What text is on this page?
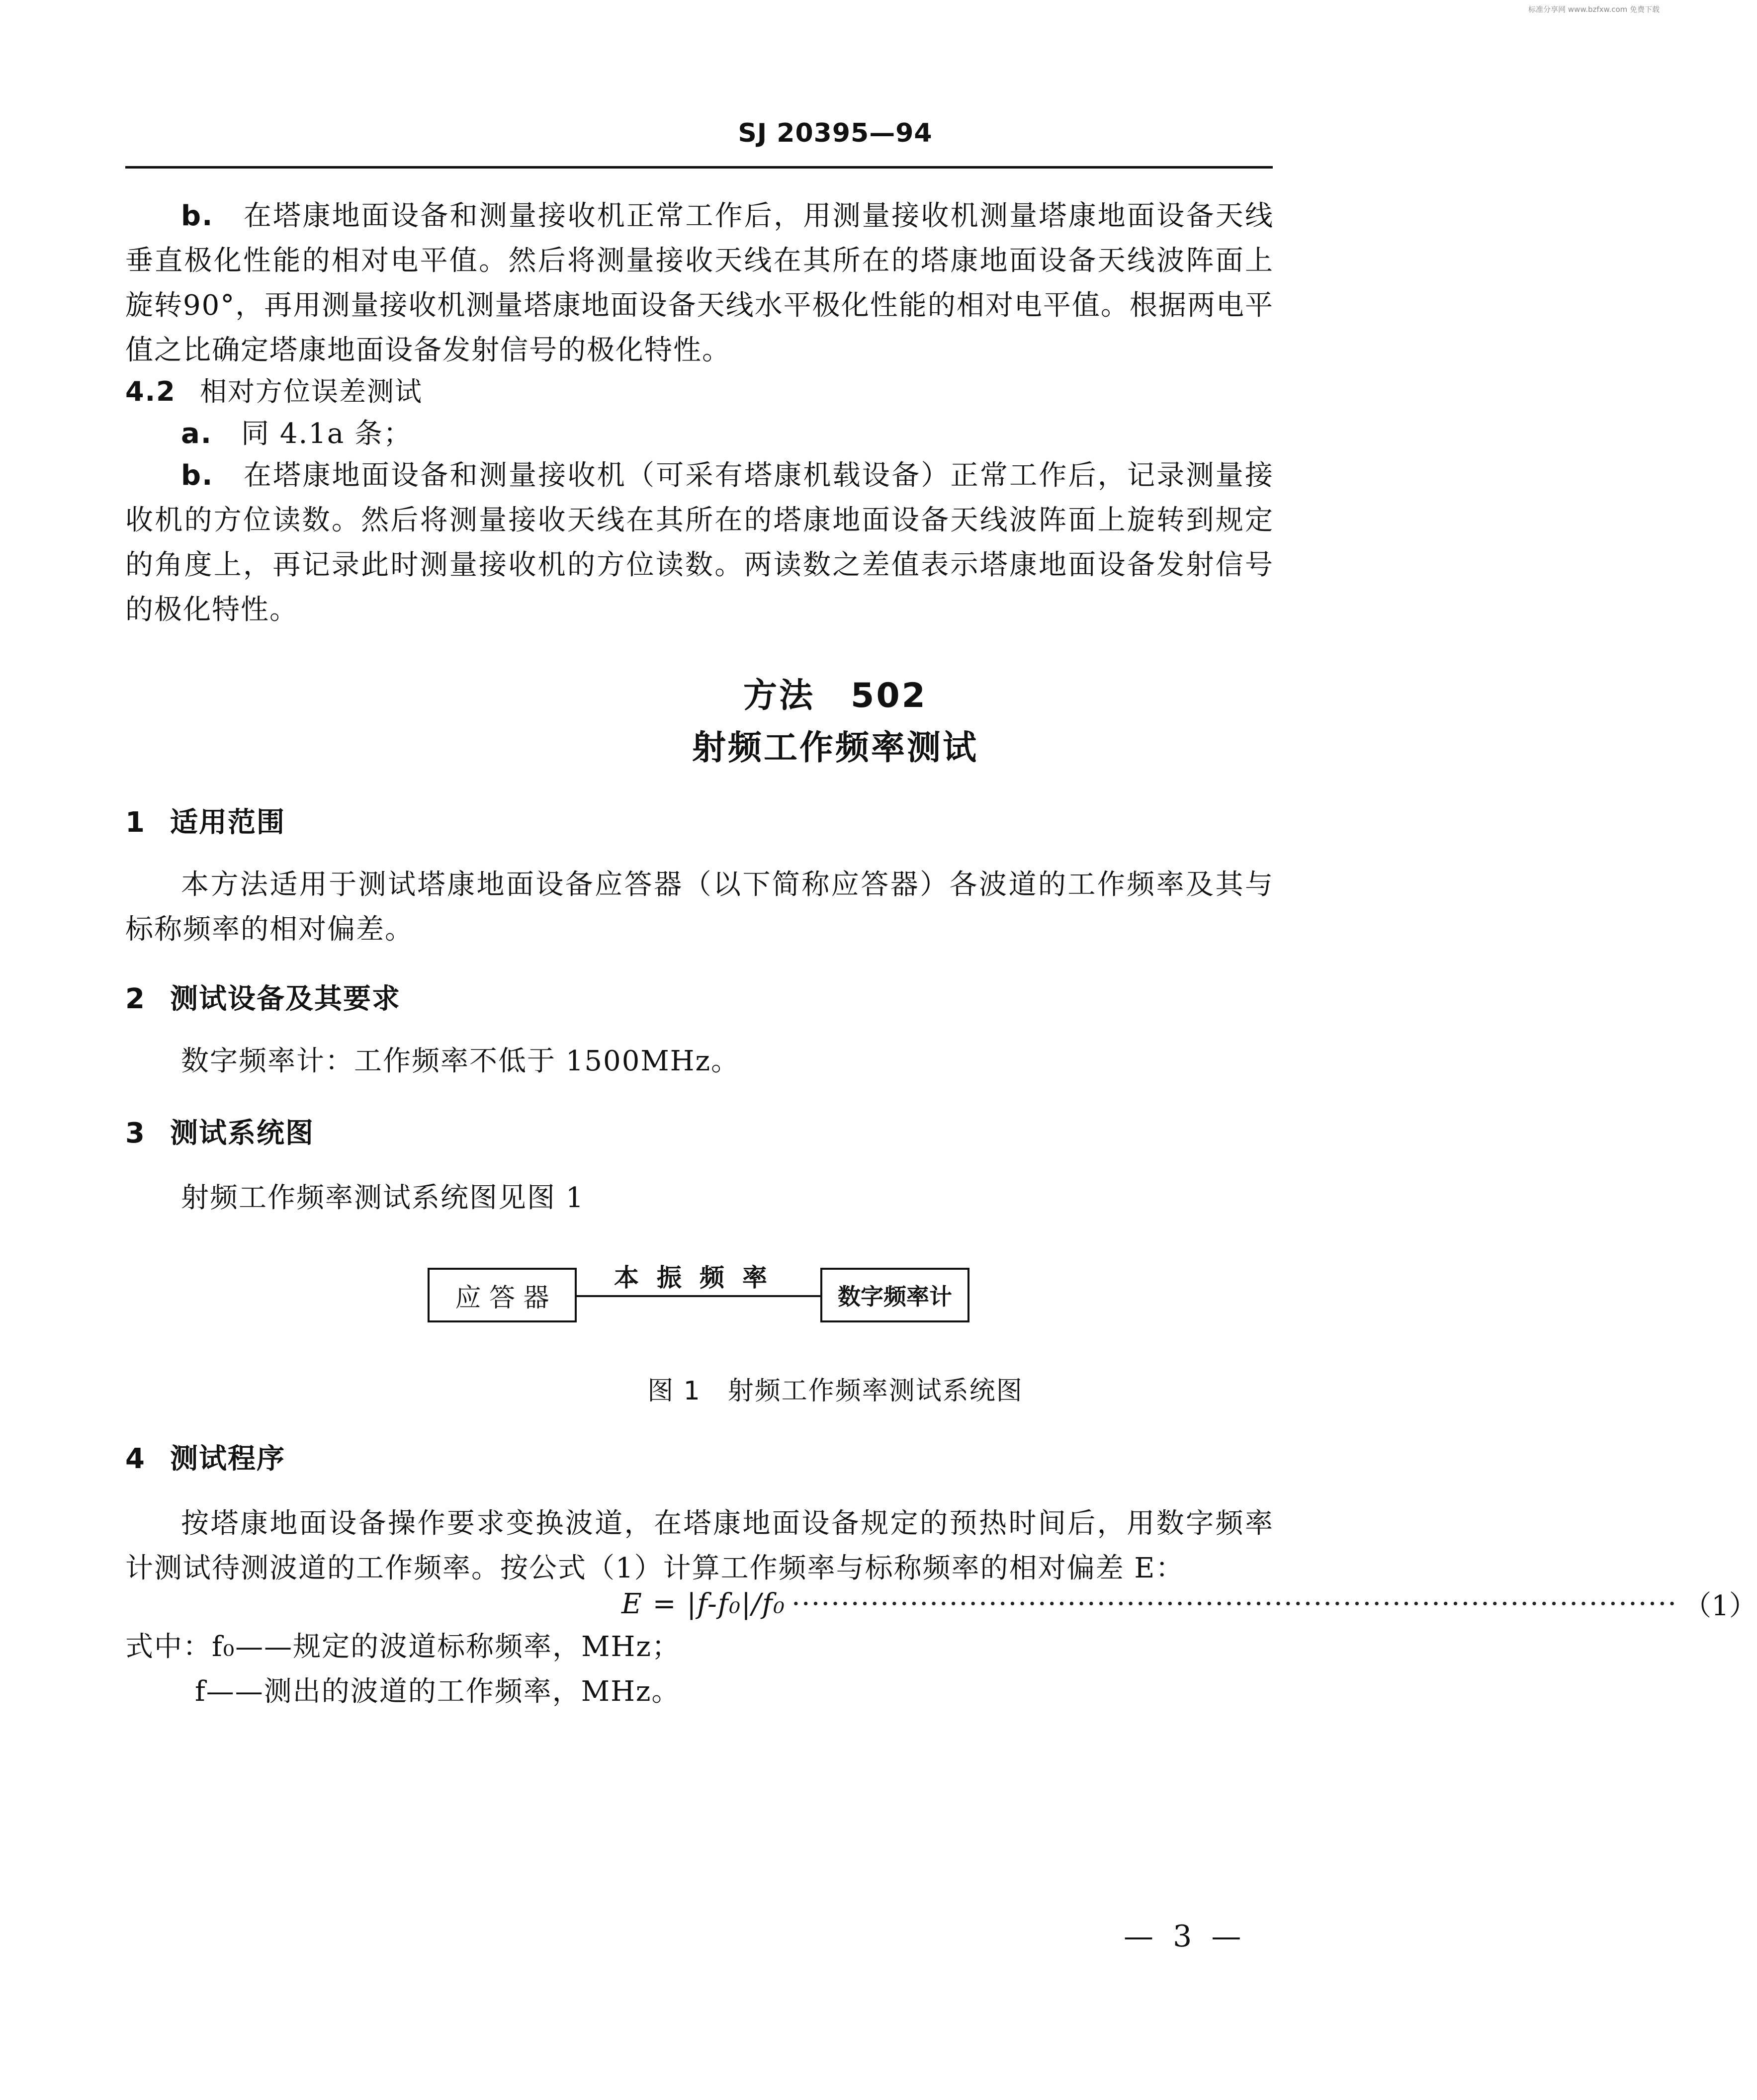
标准分享网 www.bzfxw.com 免费下载
SJ 20395—94

b.　 在塔康地面设备和测量接收机正常工作后，用测量接收机测量塔康地面设备天线垂直极化性能的相对电平值。然后将测量接收天线在其所在的塔康地面设备天线波阵面上旋转90°，再用测量接收机测量塔康地面设备天线水平极化性能的相对电平值。根据两电平值之比确定塔康地面设备发射信号的极化特性。

4.2 相对方位误差测试

a.　 同 4.1a 条；

b.　 在塔康地面设备和测量接收机（可采有塔康机载设备）正常工作后，记录测量接收机的方位读数。然后将测量接收天线在其所在的塔康地面设备天线波阵面上旋转到规定的角度上，再记录此时测量接收机的方位读数。两读数之差值表示塔康地面设备发射信号的极化特性。

方法　502
射频工作频率测试
1 适用范围

本方法适用于测试塔康地面设备应答器（以下简称应答器）各波道的工作频率及其与标称频率的相对偏差。

2 测试设备及其要求

数字频率计：工作频率不低于 1500MHz。

3 测试系统图

射频工作频率测试系统图见图 1

应 答 器
本振频率
数字频率计
图 1　射频工作频率测试系统图
4 测试程序

按塔康地面设备操作要求变换波道，在塔康地面设备规定的预热时间后，用数字频率计测试待测波道的工作频率。按公式（1）计算工作频率与标称频率的相对偏差 E：

E = |f-f₀|/f₀ ·························································································· （1）
式中：f₀——规定的波道标称频率，MHz；
f——测出的波道的工作频率，MHz。
— 3 —
